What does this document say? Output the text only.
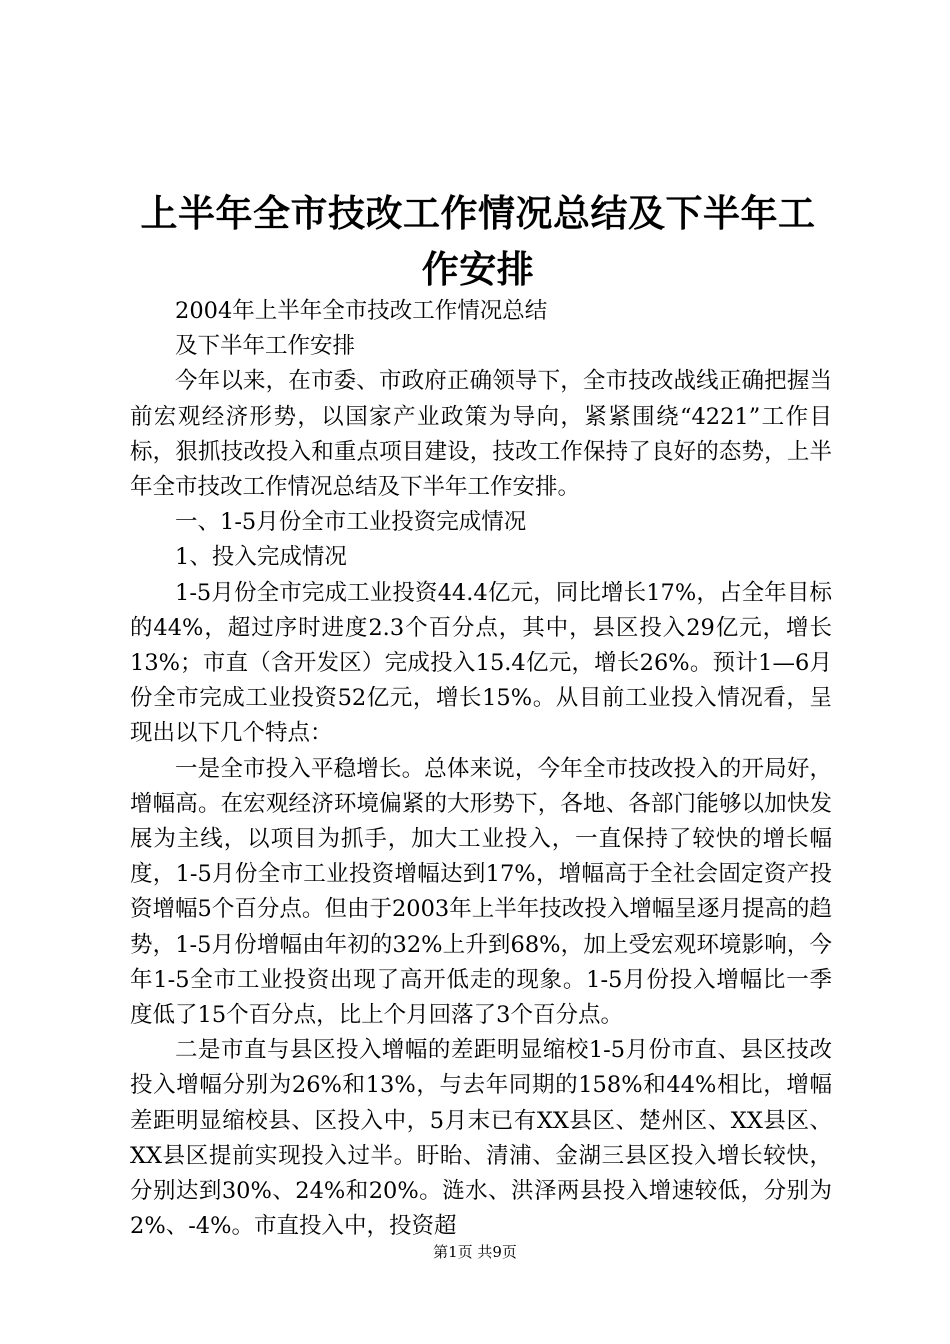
上半年全市技改工作情况总结及下半年工作安排

2004年上半年全市技改工作情况总结

及下半年工作安排

今年以来，在市委、市政府正确领导下，全市技改战线正确把握当前宏观经济形势，以国家产业政策为导向，紧紧围绕“4221”工作目标，狠抓技改投入和重点项目建设，技改工作保持了良好的态势，上半年全市技改工作情况总结及下半年工作安排。

一、1-5月份全市工业投资完成情况

1、投入完成情况

1-5月份全市完成工业投资44.4亿元，同比增长17%，占全年目标的44%，超过序时进度2.3个百分点，其中，县区投入29亿元，增长13%；市直（含开发区）完成投入15.4亿元，增长26%。预计1—6月份全市完成工业投资52亿元，增长15%。从目前工业投入情况看，呈现出以下几个特点：

一是全市投入平稳增长。总体来说，今年全市技改投入的开局好，增幅高。在宏观经济环境偏紧的大形势下，各地、各部门能够以加快发展为主线，以项目为抓手，加大工业投入，一直保持了较快的增长幅度，1-5月份全市工业投资增幅达到17%，增幅高于全社会固定资产投资增幅5个百分点。但由于2003年上半年技改投入增幅呈逐月提高的趋势，1-5月份增幅由年初的32%上升到68%，加上受宏观环境影响，今年1-5全市工业投资出现了高开低走的现象。1-5月份投入增幅比一季度低了15个百分点，比上个月回落了3个百分点。

二是市直与县区投入增幅的差距明显缩校1-5月份市直、县区技改投入增幅分别为26%和13%，与去年同期的158%和44%相比，增幅差距明显缩校县、区投入中，5月末已有XX县区、楚州区、XX县区、XX县区提前实现投入过半。盱眙、清浦、金湖三县区投入增长较快，分别达到30%、24%和20%。涟水、洪泽两县投入增速较低，分别为2%、-4%。市直投入中，投资超

第1页 共9页
